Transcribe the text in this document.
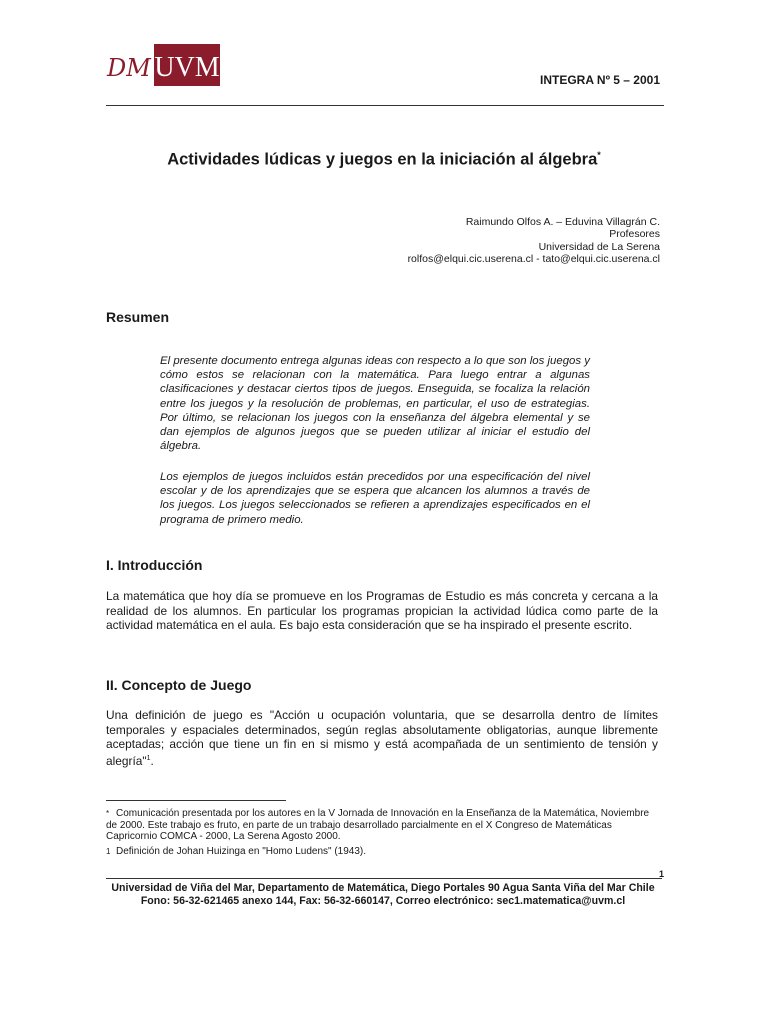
DM UVM	INTEGRA Nº 5 – 2001
Actividades lúdicas y juegos en la iniciación al álgebra*
Raimundo Olfos A. – Eduvina Villagrán C.
Profesores
Universidad de La Serena
rolfos@elqui.cic.userena.cl - tato@elqui.cic.userena.cl
Resumen

El presente documento entrega algunas ideas con respecto a lo que son los juegos y cómo estos se relacionan con la matemática. Para luego entrar a algunas clasificaciones y destacar ciertos tipos de juegos. Enseguida, se focaliza la relación entre los juegos y la resolución de problemas, en particular, el uso de estrategias. Por último, se relacionan los juegos con la enseñanza del álgebra elemental y se dan ejemplos de algunos juegos que se pueden utilizar al iniciar el estudio del álgebra.

Los ejemplos de juegos incluidos están precedidos por una especificación del nivel escolar y de los aprendizajes que se espera que alcancen los alumnos a través de los juegos. Los juegos seleccionados se refieren a aprendizajes especificados en el programa de primero medio.

I. Introducción

La matemática que hoy día se promueve en los Programas de Estudio es más concreta y cercana a la realidad de los alumnos. En particular los programas propician la actividad lúdica como parte de la actividad matemática en el aula. Es bajo esta consideración que se ha inspirado el presente escrito.

II. Concepto de Juego

Una definición de juego es "Acción u ocupación voluntaria, que se desarrolla dentro de límites temporales y espaciales determinados, según reglas absolutamente obligatorias, aunque libremente aceptadas; acción que tiene un fin en si mismo y está acompañada de un sentimiento de tensión y alegría"$^1$.

* Comunicación presentada por los autores en la V Jornada de Innovación en la Enseñanza de la Matemática, Noviembre de 2000. Este trabajo es fruto, en parte de un trabajo desarrollado parcialmente en el X Congreso de Matemáticas Capricornio COMCA - 2000, La Serena Agosto 2000.

1 Definición de Johan Huizinga en "Homo Ludens" (1943).

1
Universidad de Viña del Mar, Departamento de Matemática, Diego Portales 90 Agua Santa Viña del Mar Chile
Fono: 56-32-621465 anexo 144, Fax: 56-32-660147, Correo electrónico: sec1.matematica@uvm.cl
